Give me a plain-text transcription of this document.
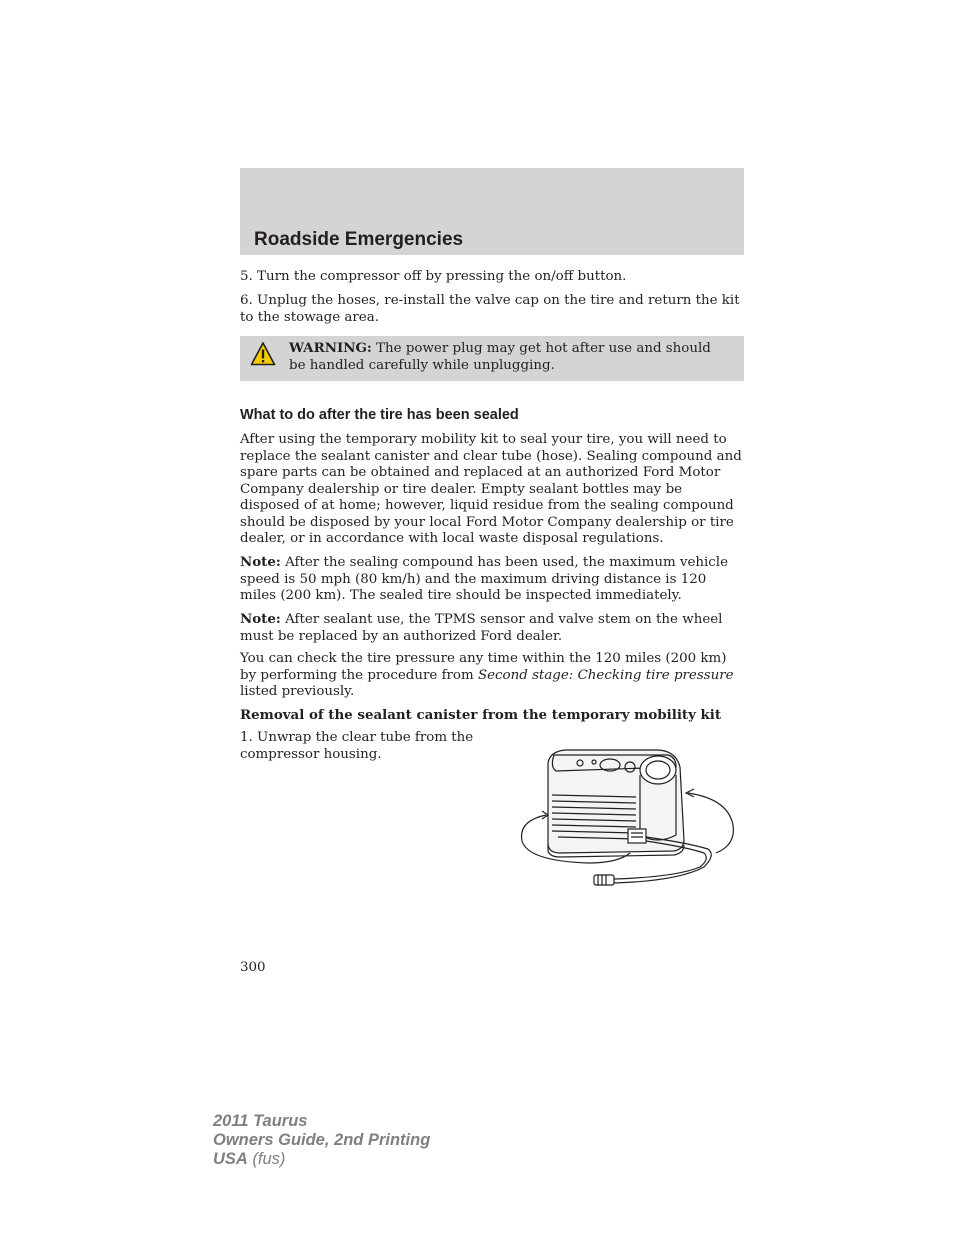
Roadside Emergencies

5. Turn the compressor off by pressing the on/off button.

6. Unplug the hoses, re-install the valve cap on the tire and return the kit to the stowage area.

WARNING: The power plug may get hot after use and should be handled carefully while unplugging.
What to do after the tire has been sealed

After using the temporary mobility kit to seal your tire, you will need to replace the sealant canister and clear tube (hose). Sealing compound and spare parts can be obtained and replaced at an authorized Ford Motor Company dealership or tire dealer. Empty sealant bottles may be disposed of at home; however, liquid residue from the sealing compound should be disposed by your local Ford Motor Company dealership or tire dealer, or in accordance with local waste disposal regulations.

Note: After the sealing compound has been used, the maximum vehicle speed is 50 mph (80 km/h) and the maximum driving distance is 120 miles (200 km). The sealed tire should be inspected immediately.

Note: After sealant use, the TPMS sensor and valve stem on the wheel must be replaced by an authorized Ford dealer.

You can check the tire pressure any time within the 120 miles (200 km) by performing the procedure from Second stage: Checking tire pressure listed previously.

Removal of the sealant canister from the temporary mobility kit

1. Unwrap the clear tube from the compressor housing.

300
2011 Taurus
Owners Guide, 2nd Printing
USA (fus)
